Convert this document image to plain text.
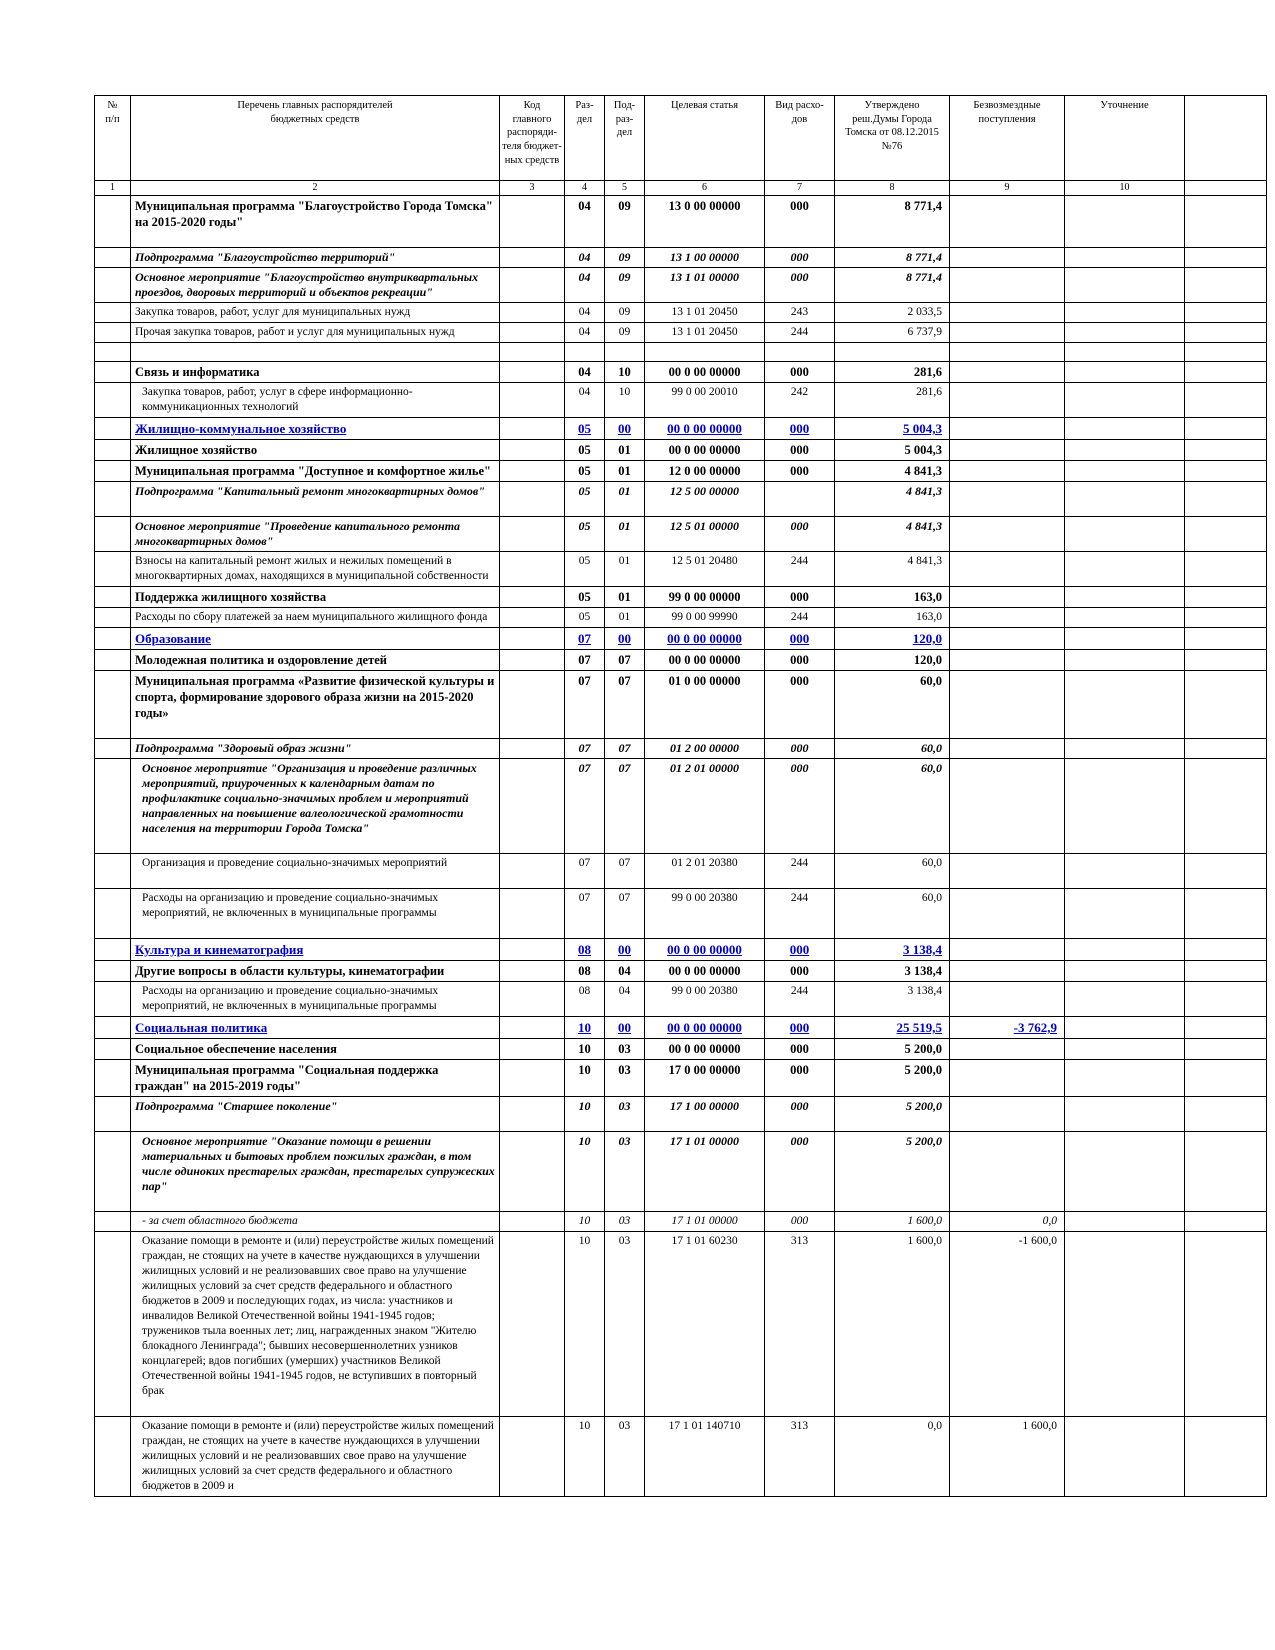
№
п/п	Перечень главных распорядителей
бюджетных средств	Код
главного
распоряди-
теля бюджет-
ных средств	Раз-
дел	Под-
раз-
дел	Целевая статья	Вид расхо-
дов	Утверждено
реш.Думы Города
Томска от 08.12.2015
№76	Безвозмездные
поступления	Уточнение	
1	2	3	4	5	6	7	8	9	10	
	Муниципальная программа "Благоустройство Города Томска" на 2015-2020 годы"		04	09	13 0 00 00000	000	8 771,4			
	Подпрограмма "Благоустройство территорий"		04	09	13 1 00 00000	000	8 771,4			
	Основное мероприятие "Благоустройство внутриквартальных проездов, дворовых территорий и объектов рекреации"		04	09	13 1 01 00000	000	8 771,4			
	Закупка товаров, работ, услуг для муниципальных нужд		04	09	13 1 01 20450	243	2 033,5			
	Прочая закупка товаров, работ и услуг для муниципальных нужд		04	09	13 1 01 20450	244	6 737,9			

	Связь и информатика		04	10	00 0 00 00000	000	281,6			
	Закупка товаров, работ, услуг в сфере информационно-коммуникационных технологий		04	10	99 0 00 20010	242	281,6			
	Жилищно-коммунальное хозяйство		05	00	00 0 00 00000	000	5 004,3			
	Жилищное хозяйство		05	01	00 0 00 00000	000	5 004,3			
	Муниципальная программа "Доступное и комфортное жилье"		05	01	12 0 00 00000	000	4 841,3			
	Подпрограмма "Капитальный ремонт многоквартирных домов"		05	01	12 5 00 00000		4 841,3			
	Основное мероприятие "Проведение капитального ремонта многоквартирных домов"		05	01	12 5 01 00000	000	4 841,3			
	Взносы на капитальный ремонт жилых и нежилых помещений в многоквартирных домах, находящихся в муниципальной собственности		05	01	12 5 01 20480	244	4 841,3			
	Поддержка жилищного хозяйства		05	01	99 0 00 00000	000	163,0			
	Расходы по сбору платежей за наем муниципального жилищного фонда		05	01	99 0 00 99990	244	163,0			
	Образование		07	00	00 0 00 00000	000	120,0			
	Молодежная политика и оздоровление детей		07	07	00 0 00 00000	000	120,0			
	Муниципальная программа «Развитие физической культуры и спорта, формирование здорового образа жизни на 2015-2020 годы»		07	07	01 0 00 00000	000	60,0			
	Подпрограмма "Здоровый образ жизни"		07	07	01 2 00 00000	000	60,0			
	Основное мероприятие "Организация и проведение различных мероприятий, приуроченных к календарным датам по профилактике социально-значимых проблем и мероприятий направленных на повышение валеологической грамотности населения на территории Города Томска"		07	07	01 2 01 00000	000	60,0			
	Организация и проведение социально-значимых мероприятий		07	07	01 2 01 20380	244	60,0			
	Расходы на организацию и проведение социально-значимых мероприятий, не включенных в муниципальные программы		07	07	99 0 00 20380	244	60,0			
	Культура и кинематография		08	00	00 0 00 00000	000	3 138,4			
	Другие вопросы в области культуры, кинематографии		08	04	00 0 00 00000	000	3 138,4			
	Расходы на организацию и проведение социально-значимых мероприятий, не включенных в муниципальные программы		08	04	99 0 00 20380	244	3 138,4			
	Социальная политика		10	00	00 0 00 00000	000	25 519,5	-3 762,9		
	Социальное обеспечение населения		10	03	00 0 00 00000	000	5 200,0			
	Муниципальная программа "Социальная поддержка граждан" на 2015-2019 годы"		10	03	17 0 00 00000	000	5 200,0			
	Подпрограмма "Старшее поколение"		10	03	17 1 00 00000	000	5 200,0			
	Основное мероприятие "Оказание помощи в решении материальных и бытовых проблем пожилых граждан, в том числе одиноких престарелых граждан, престарелых супружеских пар"		10	03	17 1 01 00000	000	5 200,0			
	- за счет областного бюджета		10	03	17 1 01 00000	000	1 600,0	0,0		
	Оказание помощи в ремонте и (или) переустройстве жилых помещений граждан, не стоящих на учете в качестве нуждающихся в улучшении жилищных условий и не реализовавших свое право на улучшение жилищных условий за счет средств федерального и областного бюджетов в 2009 и последующих годах, из числа: участников и инвалидов Великой Отечественной войны 1941-1945 годов; тружеников тыла военных лет; лиц, награжденных знаком "Жителю блокадного Ленинграда"; бывших несовершеннолетних узников концлагерей; вдов погибших (умерших) участников Великой Отечественной войны 1941-1945 годов, не вступивших в повторный брак		10	03	17 1 01 60230	313	1 600,0	-1 600,0		
	Оказание помощи в ремонте и (или) переустройстве жилых помещений граждан, не стоящих на учете в качестве нуждающихся в улучшении жилищных условий и не реализовавших свое право на улучшение жилищных условий за счет средств федерального и областного бюджетов в 2009 и		10	03	17 1 01 140710	313	0,0	1 600,0		
